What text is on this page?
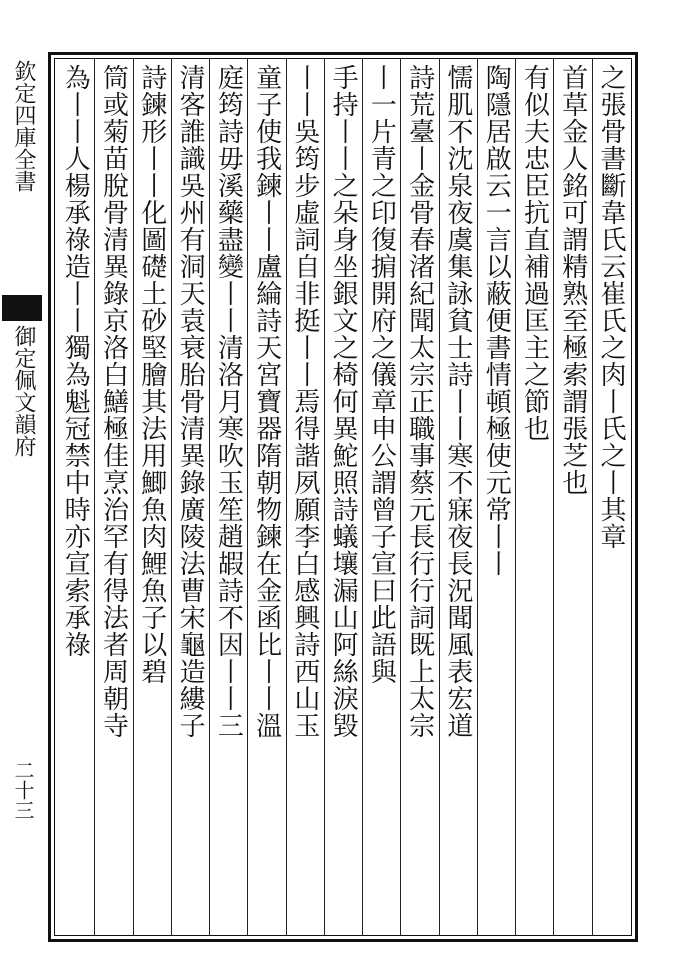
欽定四庫全書
御定佩文韻府
二十三
之張骨書斷韋氏云崔氏之肉丨氏之丨其章
首草金人銘可謂精熟至極索謂張芝也
有似夫忠臣抗直補過匡主之節也
陶隱居啟云一言以蔽便書情頓極使元常丨丨
懦肌不沈泉夜虞集詠貧士詩丨丨寒不寐夜長況聞風表宏道
詩荒臺丨金骨春渚紀聞太宗正職事蔡元長行行詞既上太宗
丨一片青之印復掮開府之儀章申公謂曾子宣曰此語與
手持丨丨之朵身坐銀文之椅何異鮀照詩蟻壤漏山阿絲淚毀
丨丨吳筠步虛詞自非挺丨丨焉得諧夙願李白感興詩西山玉
童子使我鍊丨丨盧綸詩天宮寶器隋朝物鍊在金函比丨丨溫
庭筠詩毋溪藥盡變丨丨清洛月寒吹玉笙趙嘏詩不因丨丨三
清客誰識吳州有洞天袁衰胎骨清異錄廣陵法曹宋龜造縷子
詩鍊形丨丨化圖礎土砂堅膾其法用鯽魚肉鯉魚子以碧
筒或菊苗脫骨清異錄京洛白鱔極佳烹治罕有得法者周朝寺
為丨丨人楊承祿造丨丨獨為魁冠禁中時亦宣索承祿
